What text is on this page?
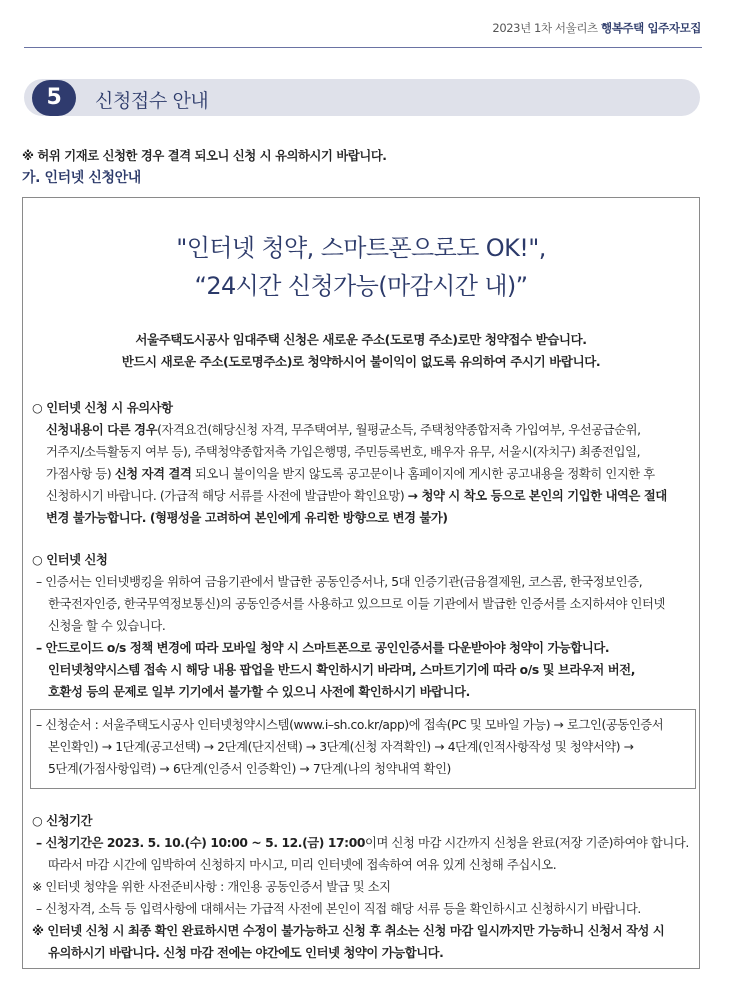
2023년 1차 서울리츠 행복주택 입주자모집
5	신청접수 안내
※ 허위 기재로 신청한 경우 결격 되오니 신청 시 유의하시기 바랍니다.
가. 인터넷 신청안내
"인터넷 청약, 스마트폰으로도 OK!",
“24시간 신청가능(마감시간 내)”
서울주택도시공사 임대주택 신청은 새로운 주소(도로명 주소)로만 청약접수 받습니다.
반드시 새로운 주소(도로명주소)로 청약하시어 불이익이 없도록 유의하여 주시기 바랍니다.
○ 인터넷 신청 시 유의사항
신청내용이 다른 경우(자격요건(해당신청 자격, 무주택여부, 월평균소득, 주택청약종합저축 가입여부, 우선공급순위,
거주지/소득활동지 여부 등), 주택청약종합저축 가입은행명, 주민등록번호, 배우자 유무, 서울시(자치구) 최종전입일,
가점사항 등) 신청 자격 결격 되오니 불이익을 받지 않도록 공고문이나 홈페이지에 게시한 공고내용을 정확히 인지한 후
신청하시기 바랍니다. (가급적 해당 서류를 사전에 발급받아 확인요망) → 청약 시 착오 등으로 본인의 기입한 내역은 절대
변경 불가능합니다. (형평성을 고려하여 본인에게 유리한 방향으로 변경 불가)
○ 인터넷 신청
– 인증서는 인터넷뱅킹을 위하여 금융기관에서 발급한 공동인증서나, 5대 인증기관(금융결제원, 코스콤, 한국정보인증,
한국전자인증, 한국무역정보통신)의 공동인증서를 사용하고 있으므로 이들 기관에서 발급한 인증서를 소지하셔야 인터넷
신청을 할 수 있습니다.
– 안드로이드 o/s 정책 변경에 따라 모바일 청약 시 스마트폰으로 공인인증서를 다운받아야 청약이 가능합니다.
인터넷청약시스템 접속 시 해당 내용 팝업을 반드시 확인하시기 바라며, 스마트기기에 따라 o/s 및 브라우저 버전,
호환성 등의 문제로 일부 기기에서 불가할 수 있으니 사전에 확인하시기 바랍니다.
– 신청순서 : 서울주택도시공사 인터넷청약시스템(www.i–sh.co.kr/app)에 접속(PC 및 모바일 가능) → 로그인(공동인증서
본인확인) → 1단계(공고선택) → 2단계(단지선택) → 3단계(신청 자격확인) → 4단계(인적사항작성 및 청약서약) →
5단계(가점사항입력) → 6단계(인증서 인증확인) → 7단계(나의 청약내역 확인)
○ 신청기간
– 신청기간은 2023. 5. 10.(수) 10:00 ~ 5. 12.(금) 17:00이며 신청 마감 시간까지 신청을 완료(저장 기준)하여야 합니다.
따라서 마감 시간에 임박하여 신청하지 마시고, 미리 인터넷에 접속하여 여유 있게 신청해 주십시오.
※ 인터넷 청약을 위한 사전준비사항 : 개인용 공동인증서 발급 및 소지
– 신청자격, 소득 등 입력사항에 대해서는 가급적 사전에 본인이 직접 해당 서류 등을 확인하시고 신청하시기 바랍니다.
※ 인터넷 신청 시 최종 확인 완료하시면 수정이 불가능하고 신청 후 취소는 신청 마감 일시까지만 가능하니 신청서 작성 시
유의하시기 바랍니다. 신청 마감 전에는 야간에도 인터넷 청약이 가능합니다.
